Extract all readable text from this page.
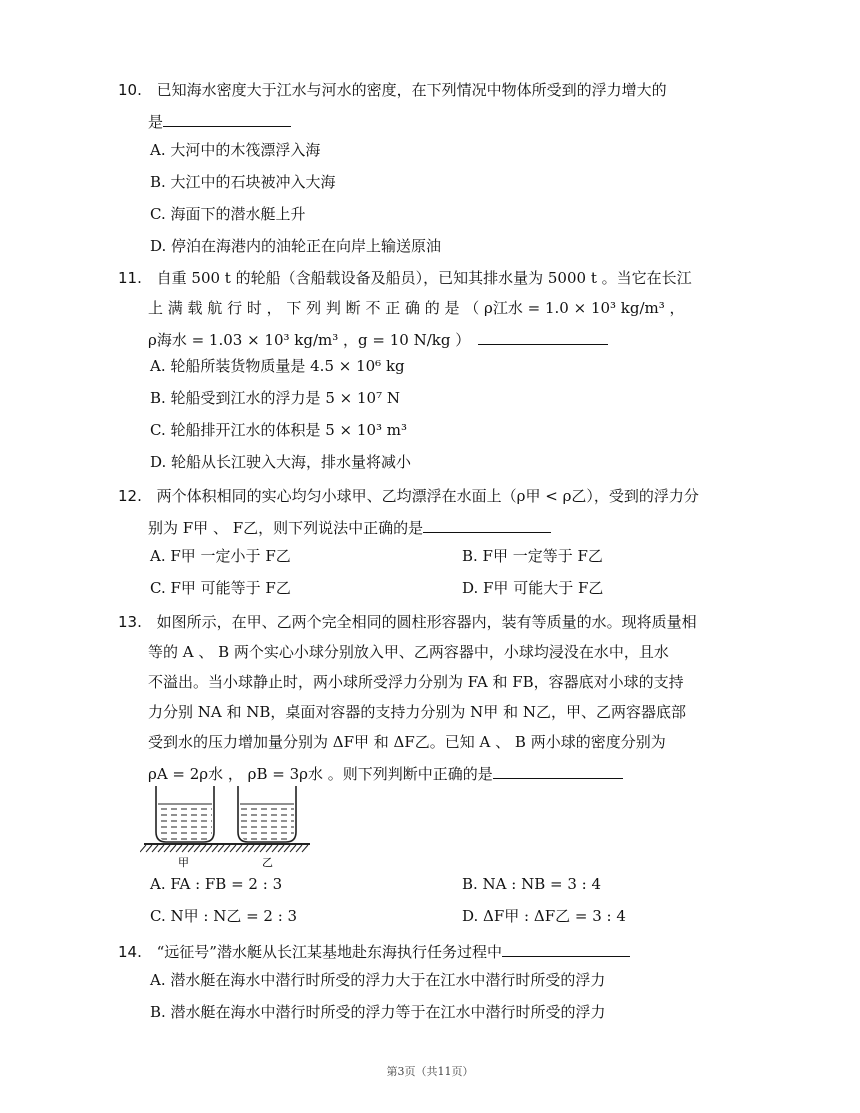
10. 已知海水密度大于江水与河水的密度，在下列情况中物体所受到的浮力增大的
是
A. 大河中的木筏漂浮入海
B. 大江中的石块被冲入大海
C. 海面下的潜水艇上升
D. 停泊在海港内的油轮正在向岸上输送原油
11. 自重 500 t 的轮船（含船载设备及船员），已知其排水量为 5000 t 。当它在长江
上 满 载 航 行 时 ， 下 列 判 断 不 正 确 的 是 （ ρ江水 = 1.0 × 10³ kg/m³ ，
ρ海水 = 1.03 × 10³ kg/m³ ，g = 10 N/kg ）
A. 轮船所装货物质量是 4.5 × 10⁶ kg
B. 轮船受到江水的浮力是 5 × 10⁷ N
C. 轮船排开江水的体积是 5 × 10³ m³
D. 轮船从长江驶入大海，排水量将减小
12. 两个体积相同的实心均匀小球甲、乙均漂浮在水面上（ρ甲 < ρ乙），受到的浮力分
别为 F甲 、 F乙，则下列说法中正确的是
A. F甲 一定小于 F乙	B. F甲 一定等于 F乙
C. F甲 可能等于 F乙	D. F甲 可能大于 F乙
13. 如图所示，在甲、乙两个完全相同的圆柱形容器内，装有等质量的水。现将质量相
等的 A 、 B 两个实心小球分别放入甲、乙两容器中，小球均浸没在水中，且水
不溢出。当小球静止时，两小球所受浮力分别为 FA 和 FB，容器底对小球的支持
力分别 NA 和 NB，桌面对容器的支持力分别为 N甲 和 N乙，甲、乙两容器底部
受到水的压力增加量分别为 ΔF甲 和 ΔF乙。已知 A 、 B 两小球的密度分别为
ρA = 2ρ水 ， ρB = 3ρ水 。则下列判断中正确的是
甲	乙
A. FA : FB = 2 : 3	B. NA : NB = 3 : 4
C. N甲 : N乙 = 2 : 3	D. ΔF甲 : ΔF乙 = 3 : 4
14. “远征号”潜水艇从长江某基地赴东海执行任务过程中
A. 潜水艇在海水中潜行时所受的浮力大于在江水中潜行时所受的浮力
B. 潜水艇在海水中潜行时所受的浮力等于在江水中潜行时所受的浮力
第3页（共11页）
